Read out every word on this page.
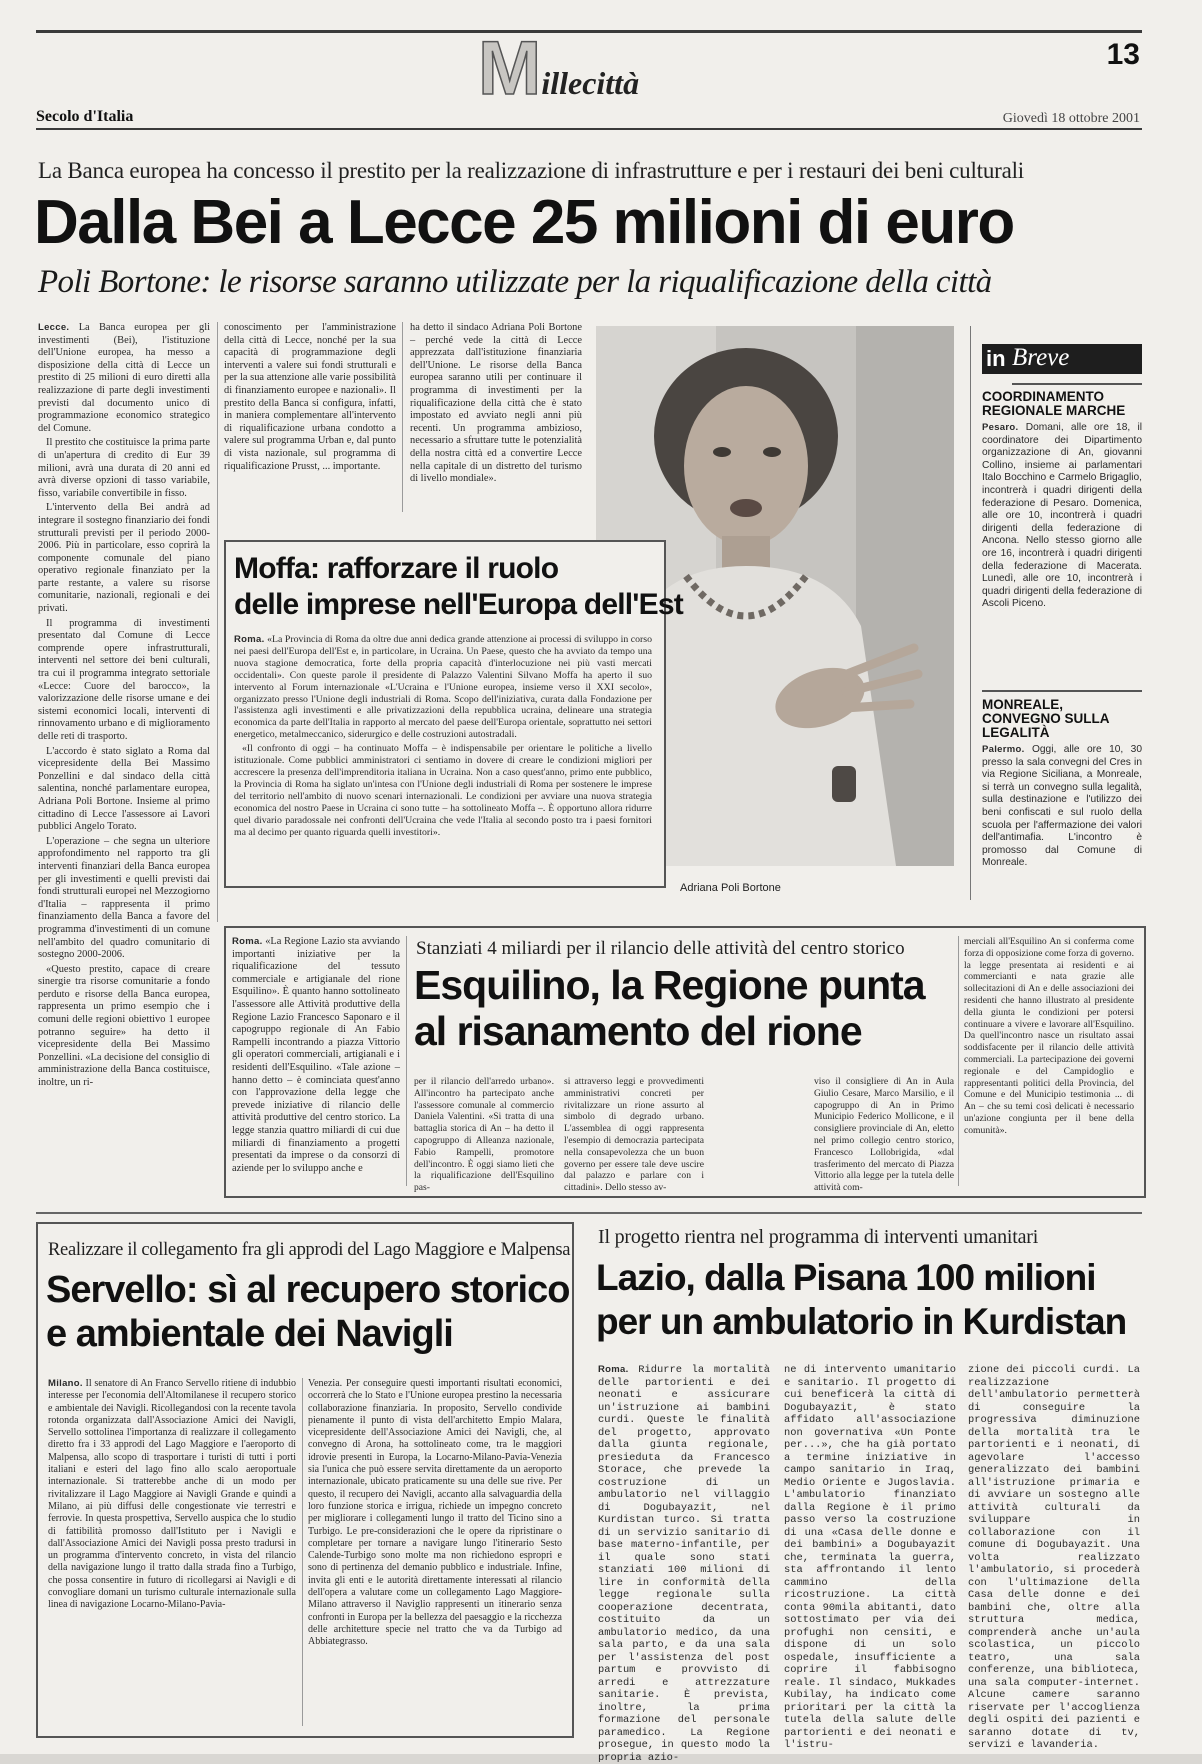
M illecittà
13
Secolo d'Italia	Giovedì 18 ottobre 2001
La Banca europea ha concesso il prestito per la realizzazione di infrastrutture e per i restauri dei beni culturali
Dalla Bei a Lecce 25 milioni di euro
Poli Bortone: le risorse saranno utilizzate per la riqualificazione della città

Lecce. La Banca europea per gli investimenti (Bei), l'istituzione dell'Unione europea, ha messo a disposizione della città di Lecce un prestito di 25 milioni di euro diretti alla realizzazione di parte degli investimenti previsti dal documento unico di programmazione economico strategico del Comune.

Il prestito che costituisce la prima parte di un'apertura di credito di Eur 39 milioni, avrà una durata di 20 anni ed avrà diverse opzioni di tasso variabile, fisso, variabile convertibile in fisso.

L'intervento della Bei andrà ad integrare il sostegno finanziario dei fondi strutturali previsti per il periodo 2000-2006. Più in particolare, esso coprirà la componente comunale del piano operativo regionale finanziato per la parte restante, a valere su risorse comunitarie, nazionali, regionali e dei privati.

Il programma di investimenti presentato dal Comune di Lecce comprende opere infrastrutturali, interventi nel settore dei beni culturali, tra cui il programma integrato settoriale «Lecce: Cuore del barocco», la valorizzazione delle risorse umane e dei sistemi economici locali, interventi di rinnovamento urbano e di miglioramento delle reti di trasporto.

L'accordo è stato siglato a Roma dal vicepresidente della Bei Massimo Ponzellini e dal sindaco della città salentina, nonché parlamentare europea, Adriana Poli Bortone. Insieme al primo cittadino di Lecce l'assessore ai Lavori pubblici Angelo Torato.

L'operazione – che segna un ulteriore approfondimento nel rapporto tra gli interventi finanziari della Banca europea per gli investimenti e quelli previsti dai fondi strutturali europei nel Mezzogiorno d'Italia – rappresenta il primo finanziamento della Banca a favore del programma d'investimenti di un comune nell'ambito del quadro comunitario di sostegno 2000-2006.

«Questo prestito, capace di creare sinergie tra risorse comunitarie a fondo perduto e risorse della Banca europea, rappresenta un primo esempio che i comuni delle regioni obiettivo 1 europee potranno seguire» ha detto il vicepresidente della Bei Massimo Ponzellini. «La decisione del consiglio di amministrazione della Banca costituisce, inoltre, un ri-

conoscimento per l'amministrazione della città di Lecce, nonché per la sua capacità di programmazione degli interventi a valere sui fondi strutturali e per la sua attenzione alle varie possibilità di finanziamento europee e nazionali». Il prestito della Banca si configura, infatti, in maniera complementare all'intervento di riqualificazione urbana condotto a valere sul programma Urban e, dal punto di vista nazionale, sul programma di riqualificazione Prusst, ... importante.

ha detto il sindaco Adriana Poli Bortone – perché vede la città di Lecce apprezzata dall'istituzione finanziaria dell'Unione. Le risorse della Banca europea saranno utili per continuare il programma di investimenti per la riqualificazione della città che è stato impostato ed avviato negli anni più recenti. Un programma ambizioso, necessario a sfruttare tutte le potenzialità della nostra città ed a convertire Lecce nella capitale di un distretto del turismo di livello mondiale».

Adriana Poli Bortone
Moffa: rafforzare il ruolo
delle imprese nell'Europa dell'Est

Roma. «La Provincia di Roma da oltre due anni dedica grande attenzione ai processi di sviluppo in corso nei paesi dell'Europa dell'Est e, in particolare, in Ucraina. Un Paese, questo che ha avviato da tempo una nuova stagione democratica, forte della propria capacità d'interlocuzione nei più vasti mercati occidentali». Con queste parole il presidente di Palazzo Valentini Silvano Moffa ha aperto il suo intervento al Forum internazionale «L'Ucraina e l'Unione europea, insieme verso il XXI secolo», organizzato presso l'Unione degli industriali di Roma. Scopo dell'iniziativa, curata dalla Fondazione per l'assistenza agli investimenti e alle privatizzazioni della repubblica ucraina, delineare una strategia economica da parte dell'Italia in rapporto al mercato del paese dell'Europa orientale, soprattutto nei settori energetico, metalmeccanico, siderurgico e delle costruzioni autostradali.

«Il confronto di oggi – ha continuato Moffa – è indispensabile per orientare le politiche a livello istituzionale. Come pubblici amministratori ci sentiamo in dovere di creare le condizioni migliori per accrescere la presenza dell'imprenditoria italiana in Ucraina. Non a caso quest'anno, primo ente pubblico, la Provincia di Roma ha siglato un'intesa con l'Unione degli industriali di Roma per sostenere le imprese del territorio nell'ambito di nuovo scenari internazionali. Le condizioni per avviare una nuova strategia economica del nostro Paese in Ucraina ci sono tutte – ha sottolineato Moffa –. È opportuno allora ridurre quel divario paradossale nei confronti dell'Ucraina che vede l'Italia al secondo posto tra i paesi fornitori ma al decimo per quanto riguarda quelli investitori».

in Breve

COORDINAMENTO REGIONALE MARCHE

Pesaro. Domani, alle ore 18, il coordinatore dei Dipartimento organizzazione di An, giovanni Collino, insieme ai parlamentari Italo Bocchino e Carmelo Brigaglio, incontrerà i quadri dirigenti della federazione di Pesaro. Domenica, alle ore 10, incontrerà i quadri dirigenti della federazione di Ancona. Nello stesso giorno alle ore 16, incontrerà i quadri dirigenti della federazione di Macerata. Lunedì, alle ore 10, incontrerà i quadri dirigenti della federazione di Ascoli Piceno.

MONREALE, CONVEGNO SULLA LEGALITÀ

Palermo. Oggi, alle ore 10, 30 presso la sala convegni del Cres in via Regione Siciliana, a Monreale, si terrà un convegno sulla legalità, sulla destinazione e l'utilizzo dei beni confiscati e sul ruolo della scuola per l'affermazione dei valori dell'antimafia. L'incontro è promosso dal Comune di Monreale.

Roma. «La Regione Lazio sta avviando importanti iniziative per la riqualificazione del tessuto commerciale e artigianale del rione Esquilino». È quanto hanno sottolineato l'assessore alle Attività produttive della Regione Lazio Francesco Saponaro e il capogruppo regionale di An Fabio Rampelli incontrando a piazza Vittorio gli operatori commerciali, artigianali e i residenti dell'Esquilino. «Tale azione – hanno detto – è cominciata quest'anno con l'approvazione della legge che prevede iniziative di rilancio delle attività produttive del centro storico. La legge stanzia quattro miliardi di cui due miliardi di finanziamento a progetti presentati da imprese o da consorzi di aziende per lo sviluppo anche e

Stanziati 4 miliardi per il rilancio delle attività del centro storico
Esquilino, la Regione punta
al risanamento del rione

per il rilancio dell'arredo urbano». All'incontro ha partecipato anche l'assessore comunale al commercio Daniela Valentini. «Si tratta di una battaglia storica di An – ha detto il capogruppo di Alleanza nazionale, Fabio Rampelli, promotore dell'incontro. È oggi siamo lieti che la riqualificazione dell'Esquilino pas-

si attraverso leggi e provvedimenti amministrativi concreti per rivitalizzare un rione assurto al simbolo di degrado urbano. L'assemblea di oggi rappresenta l'esempio di democrazia partecipata nella consapevolezza che un buon governo per essere tale deve uscire dal palazzo e parlare con i cittadini». Dello stesso av-

viso il consigliere di An in Aula Giulio Cesare, Marco Marsilio, e il capogruppo di An in Primo Municipio Federico Mollicone, e il consigliere provinciale di An, eletto nel primo collegio centro storico, Francesco Lollobrigida, «dal trasferimento del mercato di Piazza Vittorio alla legge per la tutela delle attività com-

merciali all'Esquilino An si conferma come forza di opposizione come forza di governo. la legge presentata ai residenti e ai commercianti e nata grazie alle sollecitazioni di An e delle associazioni dei residenti che hanno illustrato al presidente della giunta le condizioni per potersi continuare a vivere e lavorare all'Esquilino. Da quell'incontro nasce un risultato assai soddisfacente per il rilancio delle attività commerciali. La partecipazione dei governi regionale e del Campidoglio e rappresentanti politici della Provincia, del Comune e del Municipio testimonia ... di An – che su temi così delicati è necessario un'azione congiunta per il bene della comunità».

Realizzare il collegamento fra gli approdi del Lago Maggiore e Malpensa
Servello: sì al recupero storico
e ambientale dei Navigli

Milano. Il senatore di An Franco Servello ritiene di indubbio interesse per l'economia dell'Altomilanese il recupero storico e ambientale dei Navigli. Ricollegandosi con la recente tavola rotonda organizzata dall'Associazione Amici dei Navigli, Servello sottolinea l'importanza di realizzare il collegamento diretto fra i 33 approdi del Lago Maggiore e l'aeroporto di Malpensa, allo scopo di trasportare i turisti di tutti i porti italiani e esteri del lago fino allo scalo aeroportuale internazionale. Si tratterebbe anche di un modo per rivitalizzare il Lago Maggiore ai Navigli Grande e quindi a Milano, ai più diffusi delle congestionate vie terrestri e ferrovie. In questa prospettiva, Servello auspica che lo studio di fattibilità promosso dall'Istituto per i Navigli e dall'Associazione Amici dei Navigli possa presto tradursi in un programma d'intervento concreto, in vista del rilancio della navigazione lungo il tratto dalla strada fino a Turbigo, che possa consentire in futuro di ricollegarsi ai Navigli e di convogliare domani un turismo culturale internazionale sulla linea di navigazione Locarno-Milano-Pavia-

Venezia. Per conseguire questi importanti risultati economici, occorrerà che lo Stato e l'Unione europea prestino la necessaria collaborazione finanziaria. In proposito, Servello condivide pienamente il punto di vista dell'architetto Empio Malara, vicepresidente dell'Associazione Amici dei Navigli, che, al convegno di Arona, ha sottolineato come, tra le maggiori idrovie presenti in Europa, la Locarno-Milano-Pavia-Venezia sia l'unica che può essere servita direttamente da un aeroporto internazionale, ubicato praticamente su una delle sue rive. Per questo, il recupero dei Navigli, accanto alla salvaguardia della loro funzione storica e irrigua, richiede un impegno concreto per migliorare i collegamenti lungo il tratto del Ticino sino a Turbigo. Le pre-considerazioni che le opere da ripristinare o completare per tornare a navigare lungo l'itinerario Sesto Calende-Turbigo sono molte ma non richiedono espropri e sono di pertinenza del demanio pubblico e industriale. Infine, invita gli enti e le autorità direttamente interessati al rilancio dell'opera a valutare come un collegamento Lago Maggiore-Milano attraverso il Naviglio rappresenti un itinerario senza confronti in Europa per la bellezza del paesaggio e la ricchezza delle architetture specie nel tratto che va da Turbigo ad Abbiategrasso.

Il progetto rientra nel programma di interventi umanitari
Lazio, dalla Pisana 100 milioni
per un ambulatorio in Kurdistan

Roma. Ridurre la mortalità delle partorienti e dei neonati e assicurare un'istruzione ai bambini curdi. Queste le finalità del progetto, approvato dalla giunta regionale, presieduta da Francesco Storace, che prevede la costruzione di un ambulatorio nel villaggio di Dogubayazit, nel Kurdistan turco. Si tratta di un servizio sanitario di base materno-infantile, per il quale sono stati stanziati 100 milioni di lire in conformità della legge regionale sulla cooperazione decentrata, costituito da un ambulatorio medico, da una sala parto, e da una sala per l'assistenza del post partum e provvisto di arredi e attrezzature sanitarie. È prevista, inoltre, la prima formazione del personale paramedico. La Regione prosegue, in questo modo la propria azio-

ne di intervento umanitario e sanitario. Il progetto di cui beneficerà la città di Dogubayazit, è stato affidato all'associazione non governativa «Un Ponte per...», che ha già portato a termine iniziative in campo sanitario in Iraq, Medio Oriente e Jugoslavia. L'ambulatorio finanziato dalla Regione è il primo passo verso la costruzione di una «Casa delle donne e dei bambini» a Dogubayazit che, terminata la guerra, sta affrontando il lento cammino della ricostruzione. La città conta 90mila abitanti, dato sottostimato per via dei profughi non censiti, e dispone di un solo ospedale, insufficiente a coprire il fabbisogno reale. Il sindaco, Mukkades Kubilay, ha indicato come prioritari per la città la tutela della salute delle partorienti e dei neonati e l'istru-

zione dei piccoli curdi. La realizzazione dell'ambulatorio permetterà di conseguire la progressiva diminuzione della mortalità tra le partorienti e i neonati, di agevolare l'accesso generalizzato dei bambini all'istruzione primaria e di avviare un sostegno alle attività culturali da sviluppare in collaborazione con il comune di Dogubayazit. Una volta realizzato l'ambulatorio, si procederà con l'ultimazione della Casa delle donne e dei bambini che, oltre alla struttura medica, comprenderà anche un'aula scolastica, un piccolo teatro, una sala conferenze, una biblioteca, una sala computer-internet. Alcune camere saranno riservate per l'accoglienza degli ospiti dei pazienti e saranno dotate di tv, servizi e lavanderia.
